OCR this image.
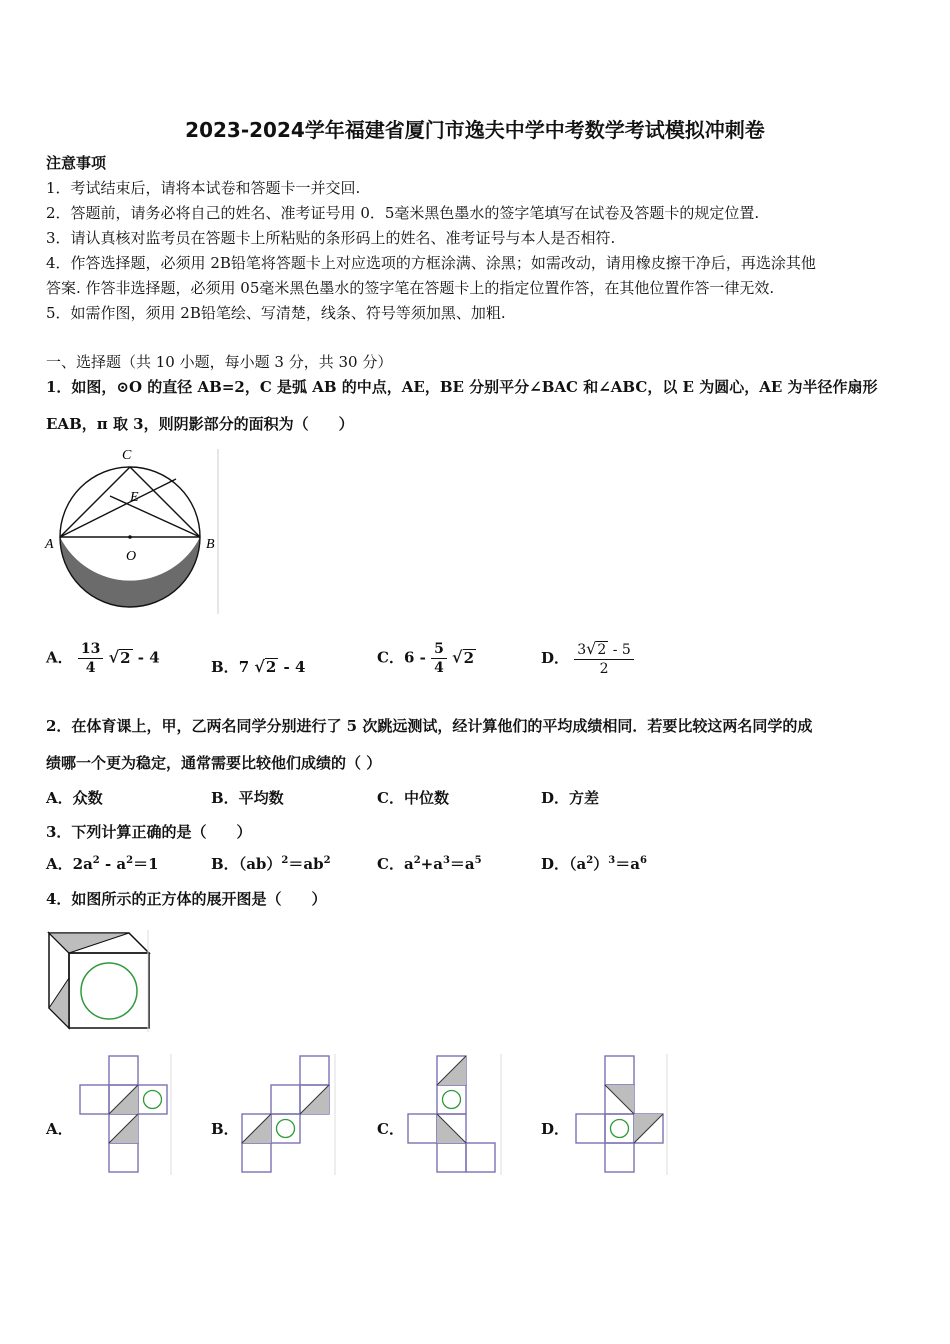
2023-2024学年福建省厦门市逸夫中学中考数学考试模拟冲刺卷
注意事项
1．考试结束后，请将本试卷和答题卡一并交回.
2．答题前，请务必将自己的姓名、准考证号用 0．5毫米黑色墨水的签字笔填写在试卷及答题卡的规定位置.
3．请认真核对监考员在答题卡上所粘贴的条形码上的姓名、准考证号与本人是否相符.
4．作答选择题，必须用 2B铅笔将答题卡上对应选项的方框涂满、涂黑；如需改动，请用橡皮擦干净后，再选涂其他
答案. 作答非选择题，必须用 05毫米黑色墨水的签字笔在答题卡上的指定位置作答，在其他位置作答一律无效.
5．如需作图，须用 2B铅笔绘、写清楚，线条、符号等须加黑、加粗.
一、选择题（共 10 小题，每小题 3 分，共 30 分）
1．如图，⊙O 的直径 AB=2，C 是弧 AB 的中点，AE，BE 分别平分∠BAC 和∠ABC，以 E 为圆心，AE 为半径作扇形
EAB，π 取 3，则阴影部分的面积为（　　）
A	B
C
E
O
A． $\frac{13}{4} √2 - 4$
B．7 √2 - 4
C．$6 - \frac{5}{4} √2$	D． $\frac{3√2 - 5}{2}$
2．在体育课上，甲，乙两名同学分别进行了 5 次跳远测试，经计算他们的平均成绩相同．若要比较这两名同学的成
绩哪一个更为稳定，通常需要比较他们成绩的（ ）
A．众数	B．平均数	C．中位数	D．方差
3．下列计算正确的是（　　）
A．$2a^2 - a^2=1$	B．$(ab)^2=ab^2$	C．$a^2+a^3=a^5$	D．$(a^2)^3=a^6$
4．如图所示的正方体的展开图是（　　）
A．	B．	C．	D．
